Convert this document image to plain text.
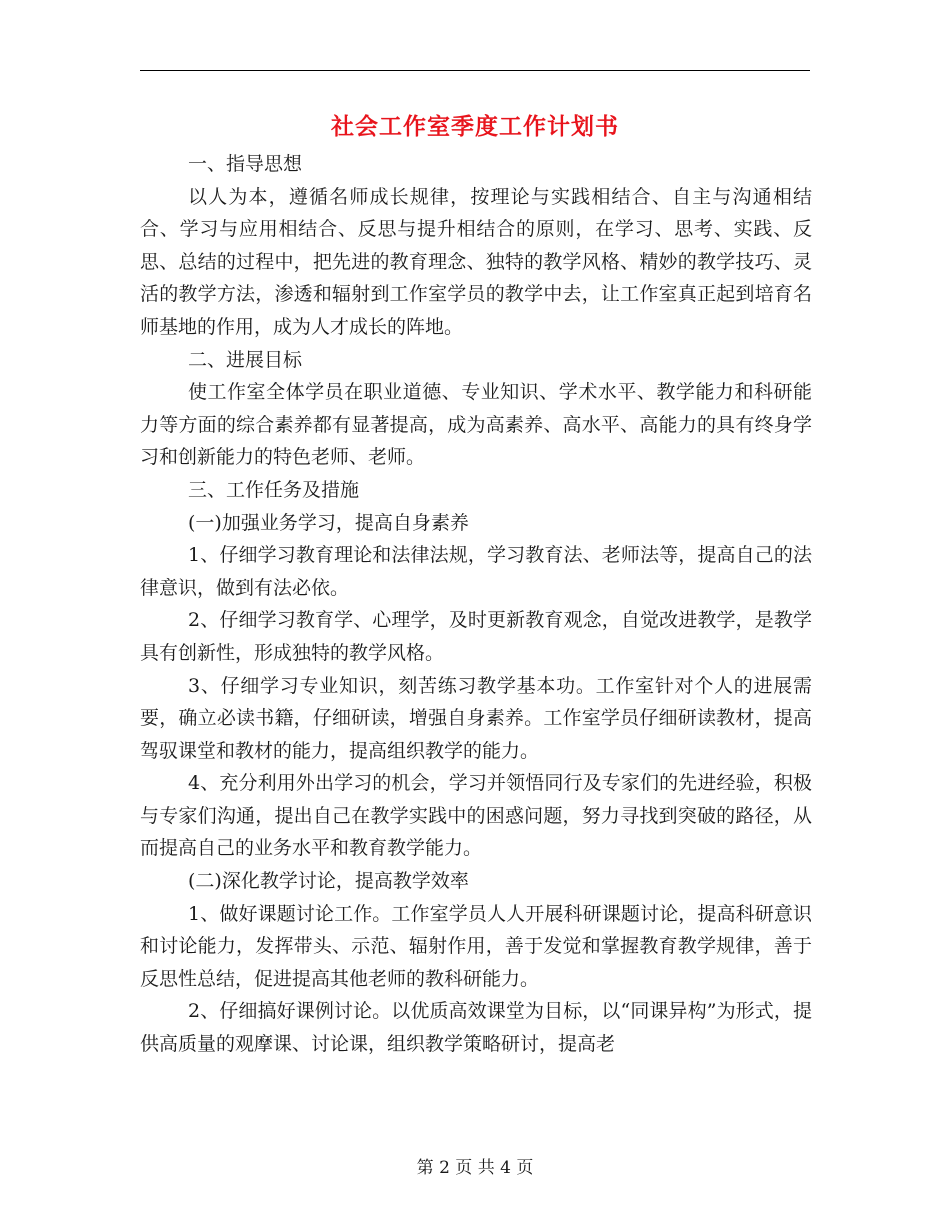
社会工作室季度工作计划书

一、指导思想

以人为本，遵循名师成长规律，按理论与实践相结合、自主与沟通相结合、学习与应用相结合、反思与提升相结合的原则，在学习、思考、实践、反思、总结的过程中，把先进的教育理念、独特的教学风格、精妙的教学技巧、灵活的教学方法，渗透和辐射到工作室学员的教学中去，让工作室真正起到培育名师基地的作用，成为人才成长的阵地。

二、进展目标

使工作室全体学员在职业道德、专业知识、学术水平、教学能力和科研能力等方面的综合素养都有显著提高，成为高素养、高水平、高能力的具有终身学习和创新能力的特色老师、老师。

三、工作任务及措施

(一)加强业务学习，提高自身素养

1、仔细学习教育理论和法律法规，学习教育法、老师法等，提高自己的法律意识，做到有法必依。

2、仔细学习教育学、心理学，及时更新教育观念，自觉改进教学，是教学具有创新性，形成独特的教学风格。

3、仔细学习专业知识，刻苦练习教学基本功。工作室针对个人的进展需要，确立必读书籍，仔细研读，增强自身素养。工作室学员仔细研读教材，提高驾驭课堂和教材的能力，提高组织教学的能力。

4、充分利用外出学习的机会，学习并领悟同行及专家们的先进经验，积极与专家们沟通，提出自己在教学实践中的困惑问题，努力寻找到突破的路径，从而提高自己的业务水平和教育教学能力。

(二)深化教学讨论，提高教学效率

1、做好课题讨论工作。工作室学员人人开展科研课题讨论，提高科研意识和讨论能力，发挥带头、示范、辐射作用，善于发觉和掌握教育教学规律，善于反思性总结，促进提高其他老师的教科研能力。

2、仔细搞好课例讨论。以优质高效课堂为目标，以“同课异构”为形式，提供高质量的观摩课、讨论课，组织教学策略研讨，提高老

第 2 页 共 4 页
